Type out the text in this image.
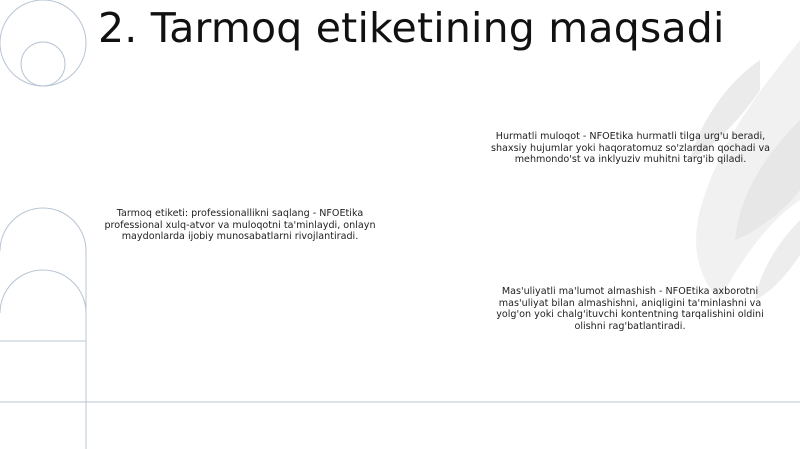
2. Tarmoq etiketining maqsadi
Tarmoq etiketi: professionallikni saqlang - NFOEtika professional xulq-atvor va muloqotni ta'minlaydi, onlayn maydonlarda ijobiy munosabatlarni rivojlantiradi.
Hurmatli muloqot - NFOEtika hurmatli tilga urg'u beradi, shaxsiy hujumlar yoki haqoratomuz so'zlardan qochadi va mehmondo'st va inklyuziv muhitni targ'ib qiladi.
Mas'uliyatli ma'lumot almashish - NFOEtika axborotni mas'uliyat bilan almashishni, aniqligini ta'minlashni va yolg'on yoki chalg'ituvchi kontentning tarqalishini oldini olishni rag'batlantiradi.
